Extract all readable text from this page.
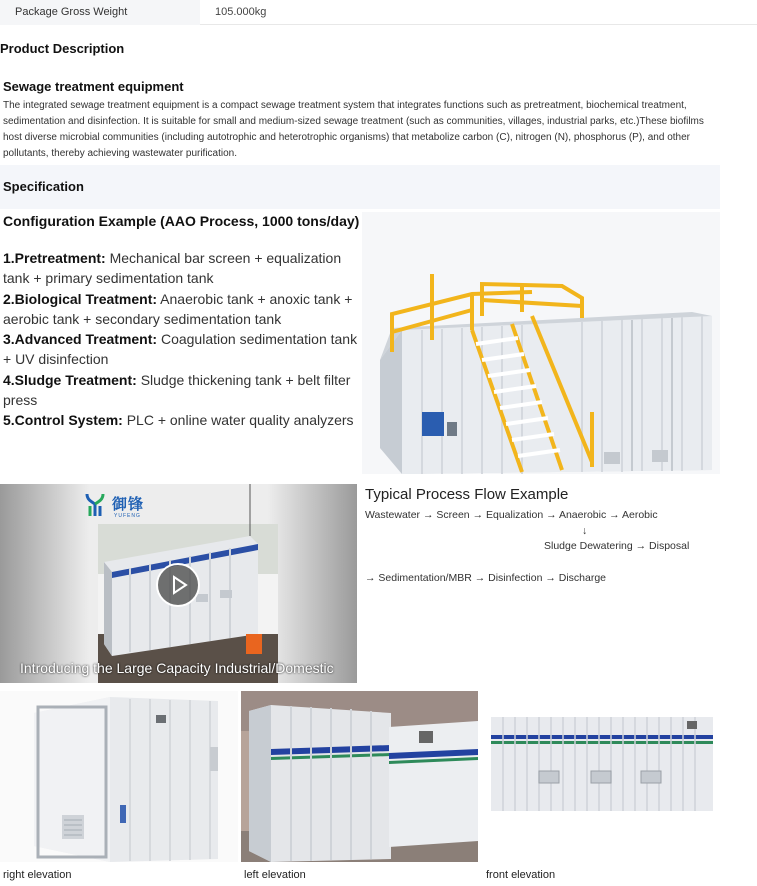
Package Gross Weight	105.000kg
Product Description
Sewage treatment equipment
The integrated sewage treatment equipment is a compact sewage treatment system that integrates functions such as pretreatment, biochemical treatment, sedimentation and disinfection. It is suitable for small and medium-sized sewage treatment (such as communities, villages, industrial parks, etc.)These biofilms host diverse microbial communities (including autotrophic and heterotrophic organisms) that metabolize carbon (C), nitrogen (N), phosphorus (P), and other pollutants, thereby achieving wastewater purification.
Specification
Configuration Example (AAO Process, 1000 tons/day)
1.Pretreatment: Mechanical bar screen + equalization tank + primary sedimentation tank
2.Biological Treatment: Anaerobic tank + anoxic tank + aerobic tank + secondary sedimentation tank
3.Advanced Treatment: Coagulation sedimentation tank + UV disinfection
4.Sludge Treatment: Sludge thickening tank + belt filter press
5.Control System: PLC + online water quality analyzers
御锋
YUFENG
Introducing the Large Capacity Industrial/Domestic
Typical Process Flow Example
Wastewater → Screen → Equalization → Anaerobic → Aerobic
↓
Sludge Dewatering → Disposal
→ Sedimentation/MBR → Disinfection → Discharge
right elevation	left elevation	front elevation
